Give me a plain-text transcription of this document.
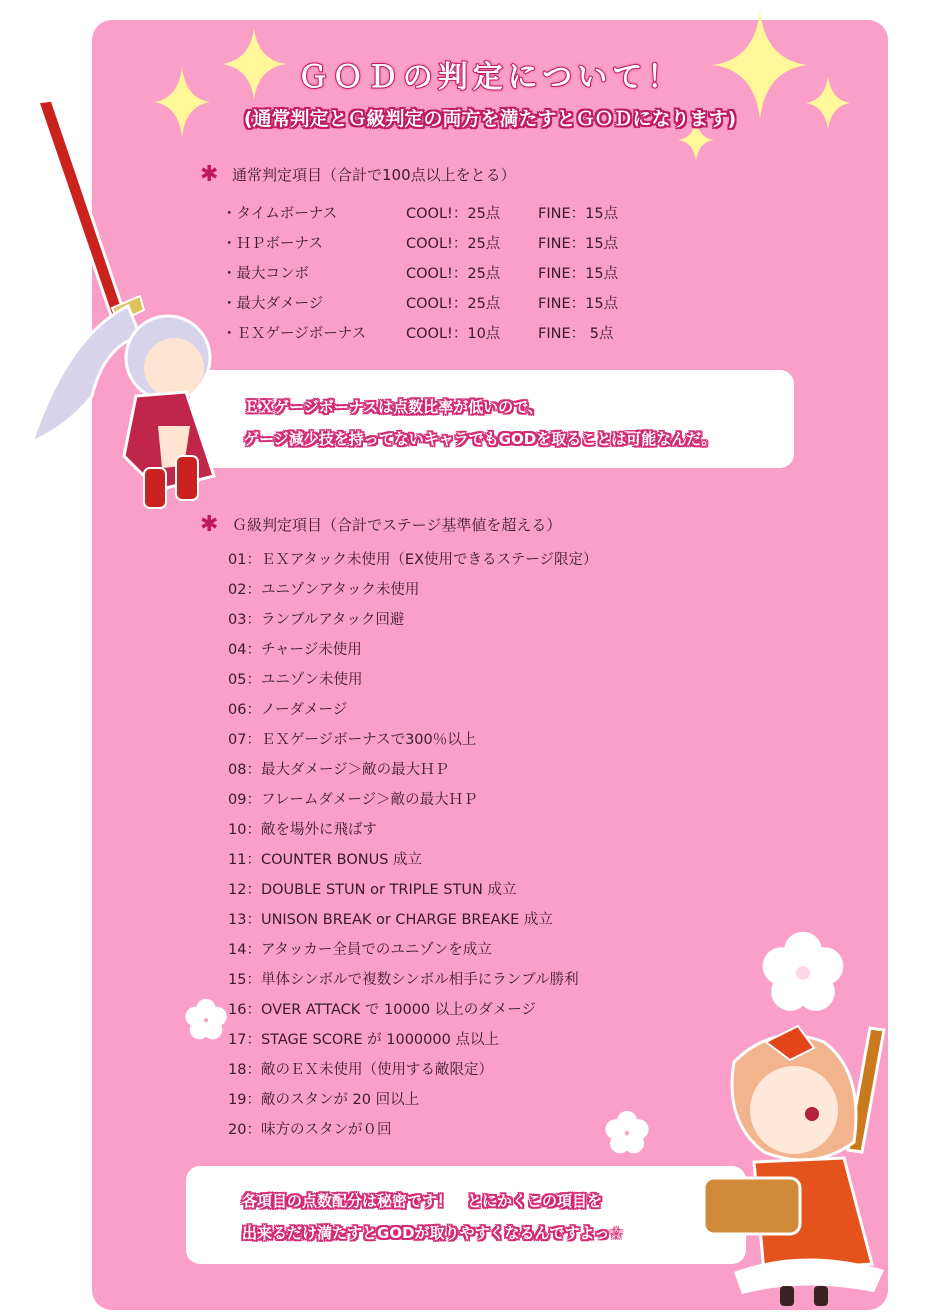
ＧＯＤの判定について！
(通常判定とＧ級判定の両方を満たすとＧＯＤになります)
✱ 通常判定項目（合計で100点以上をとる）
・タイムボーナス	COOL!：25点	FINE：15点
・ＨＰボーナス	COOL!：25点	FINE：15点
・最大コンボ	COOL!：25点	FINE：15点
・最大ダメージ	COOL!：25点	FINE：15点
・ＥＸゲージボーナス	COOL!：10点	FINE： 5点

ＥＸゲージボーナスは点数比率が低いので、

ゲージ減少技を持ってないキャラでもGODを取ることは可能なんだ。

✱ Ｇ級判定項目（合計でステージ基準値を超える）
01：ＥＸアタック未使用（EX使用できるステージ限定）
02：ユニゾンアタック未使用
03：ランブルアタック回避
04：チャージ未使用
05：ユニゾン未使用
06：ノーダメージ
07：ＥＸゲージボーナスで300％以上
08：最大ダメージ＞敵の最大ＨＰ
09：フレームダメージ＞敵の最大ＨＰ
10：敵を場外に飛ばす
11：COUNTER BONUS 成立
12：DOUBLE STUN or TRIPLE STUN 成立
13：UNISON BREAK or CHARGE BREAKE 成立
14：アタッカー全員でのユニゾンを成立
15：単体シンボルで複数シンボル相手にランブル勝利
16：OVER ATTACK で 10000 以上のダメージ
17：STAGE SCORE が 1000000 点以上
18：敵のＥＸ未使用（使用する敵限定）
19：敵のスタンが 20 回以上
20：味方のスタンが０回

各項目の点数配分は秘密です！　とにかくこの項目を

出来るだけ満たすとGODが取りやすくなるんですよっ☆
